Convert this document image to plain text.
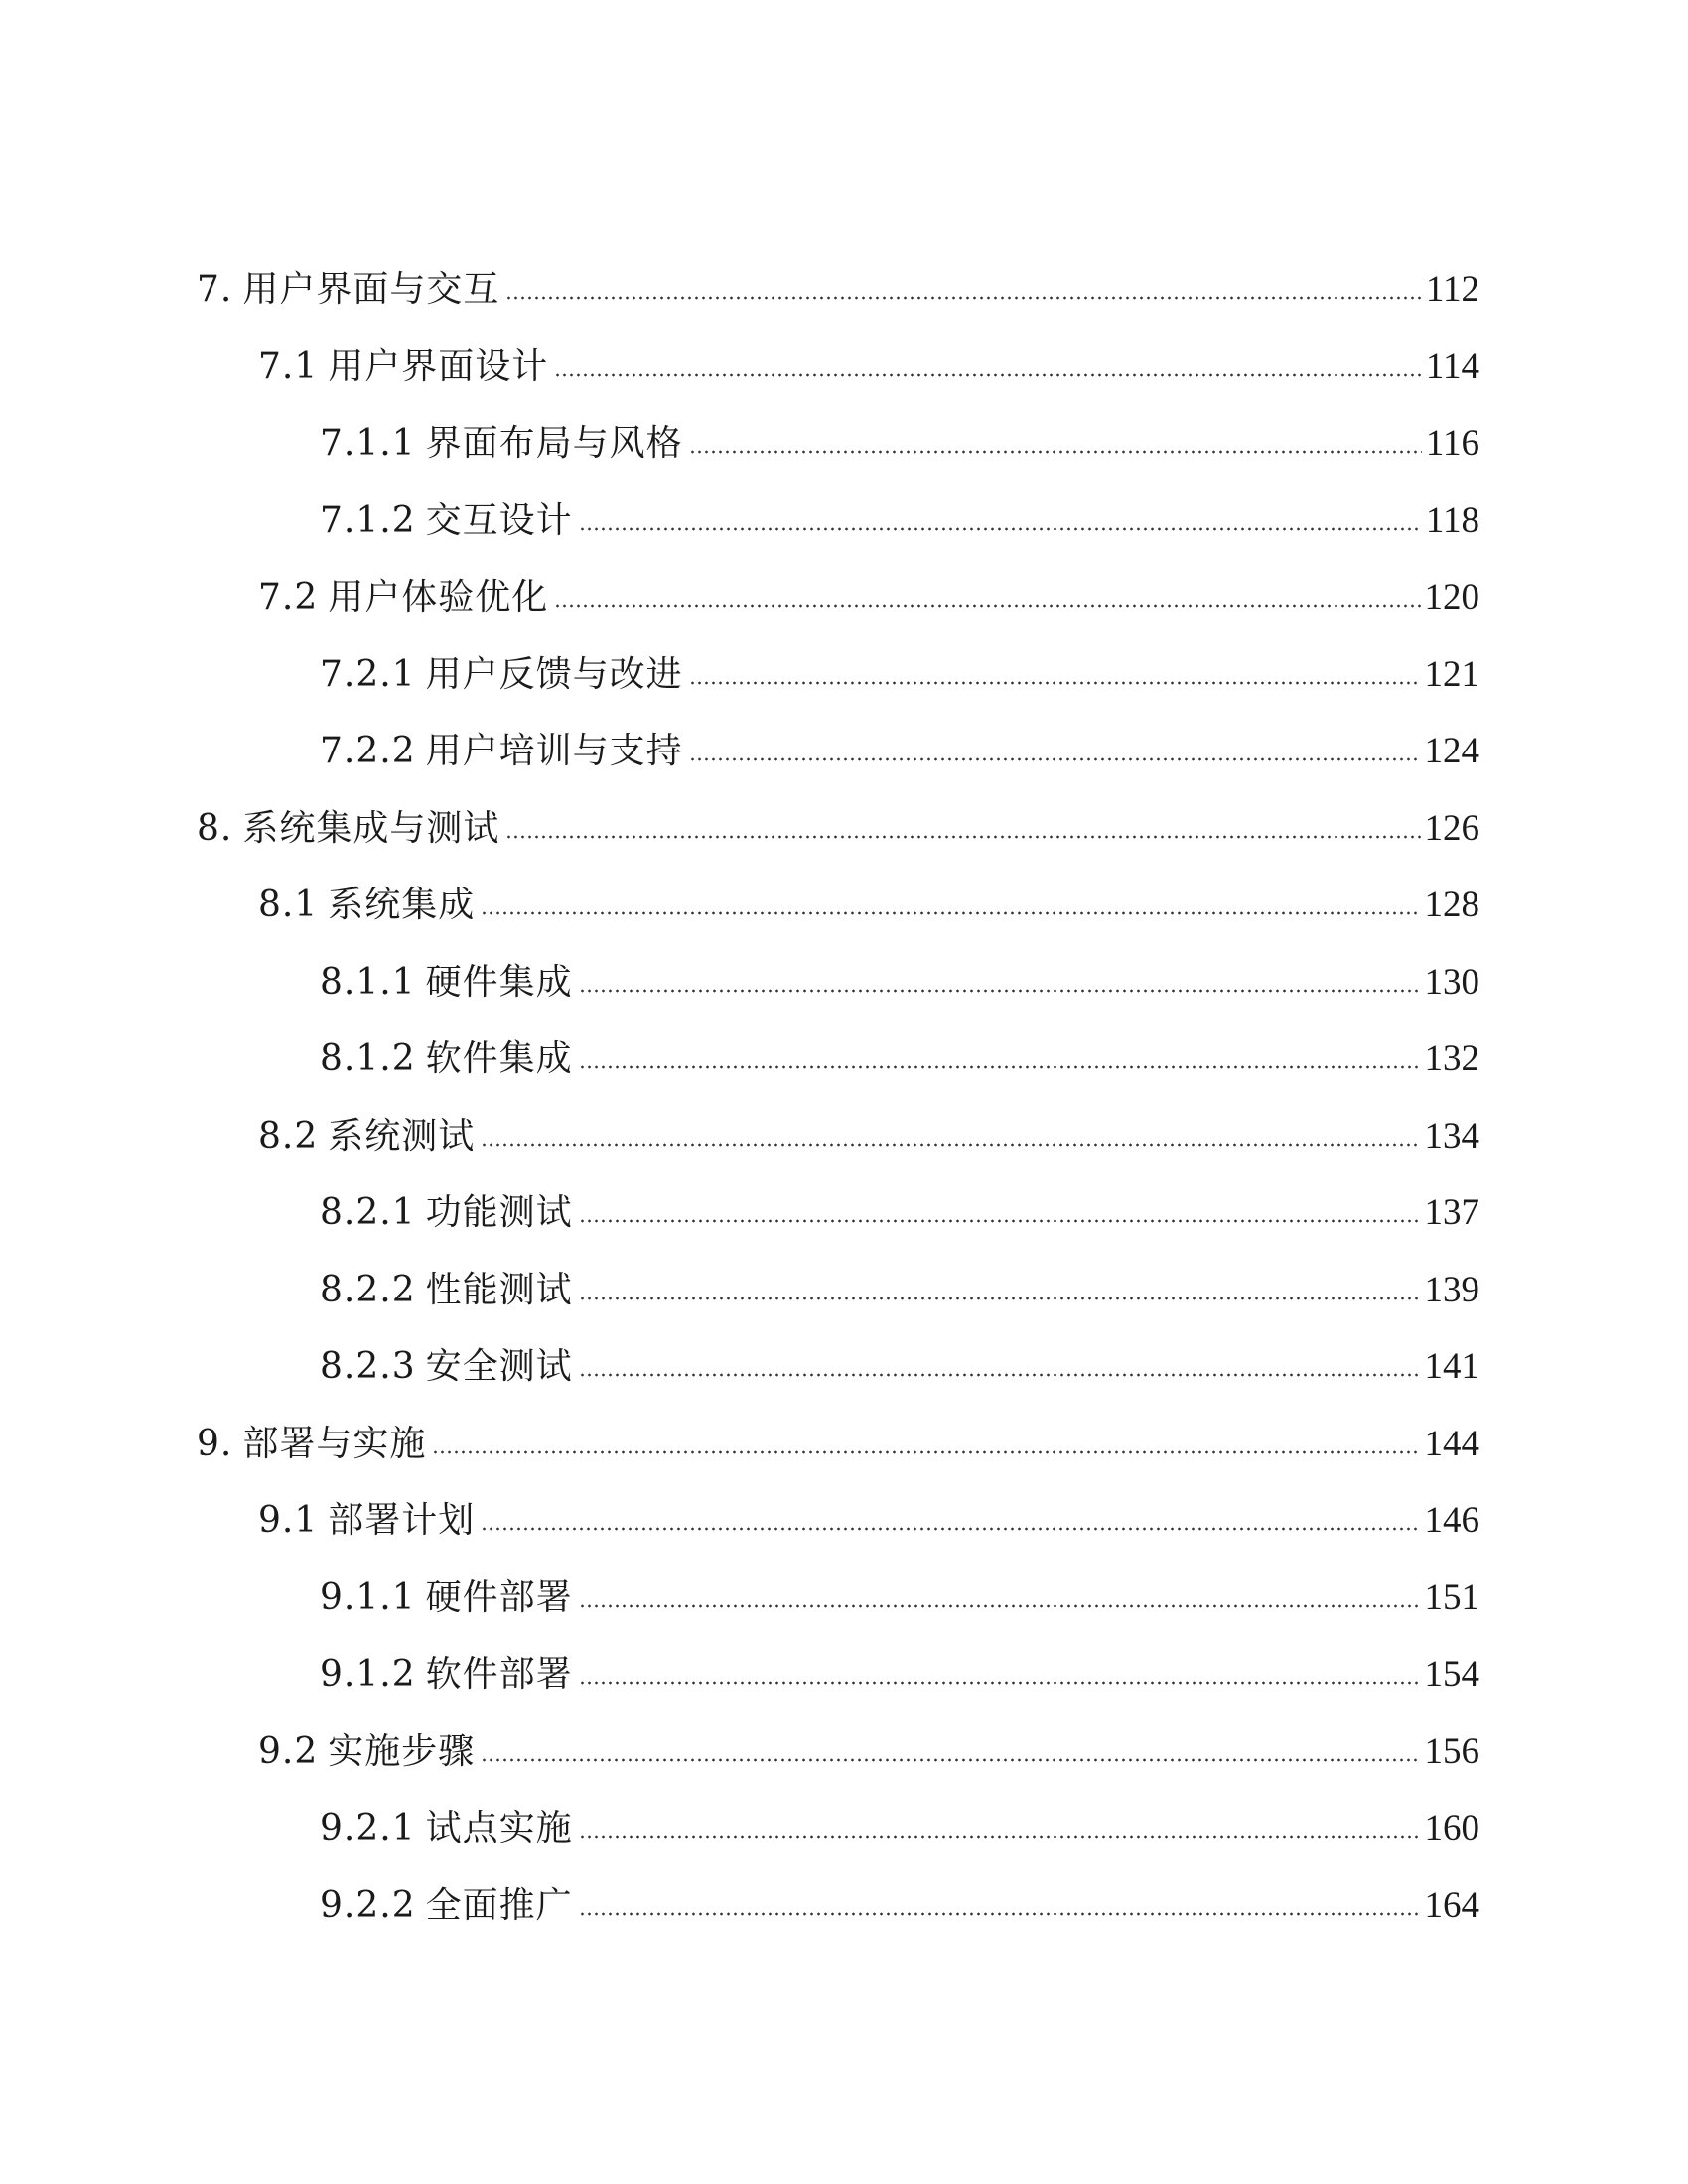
7. 用户界面与交互	112
7.1 用户界面设计	114
7.1.1 界面布局与风格	116
7.1.2 交互设计	118
7.2 用户体验优化	120
7.2.1 用户反馈与改进	121
7.2.2 用户培训与支持	124
8. 系统集成与测试	126
8.1 系统集成	128
8.1.1 硬件集成	130
8.1.2 软件集成	132
8.2 系统测试	134
8.2.1 功能测试	137
8.2.2 性能测试	139
8.2.3 安全测试	141
9. 部署与实施	144
9.1 部署计划	146
9.1.1 硬件部署	151
9.1.2 软件部署	154
9.2 实施步骤	156
9.2.1 试点实施	160
9.2.2 全面推广	164
